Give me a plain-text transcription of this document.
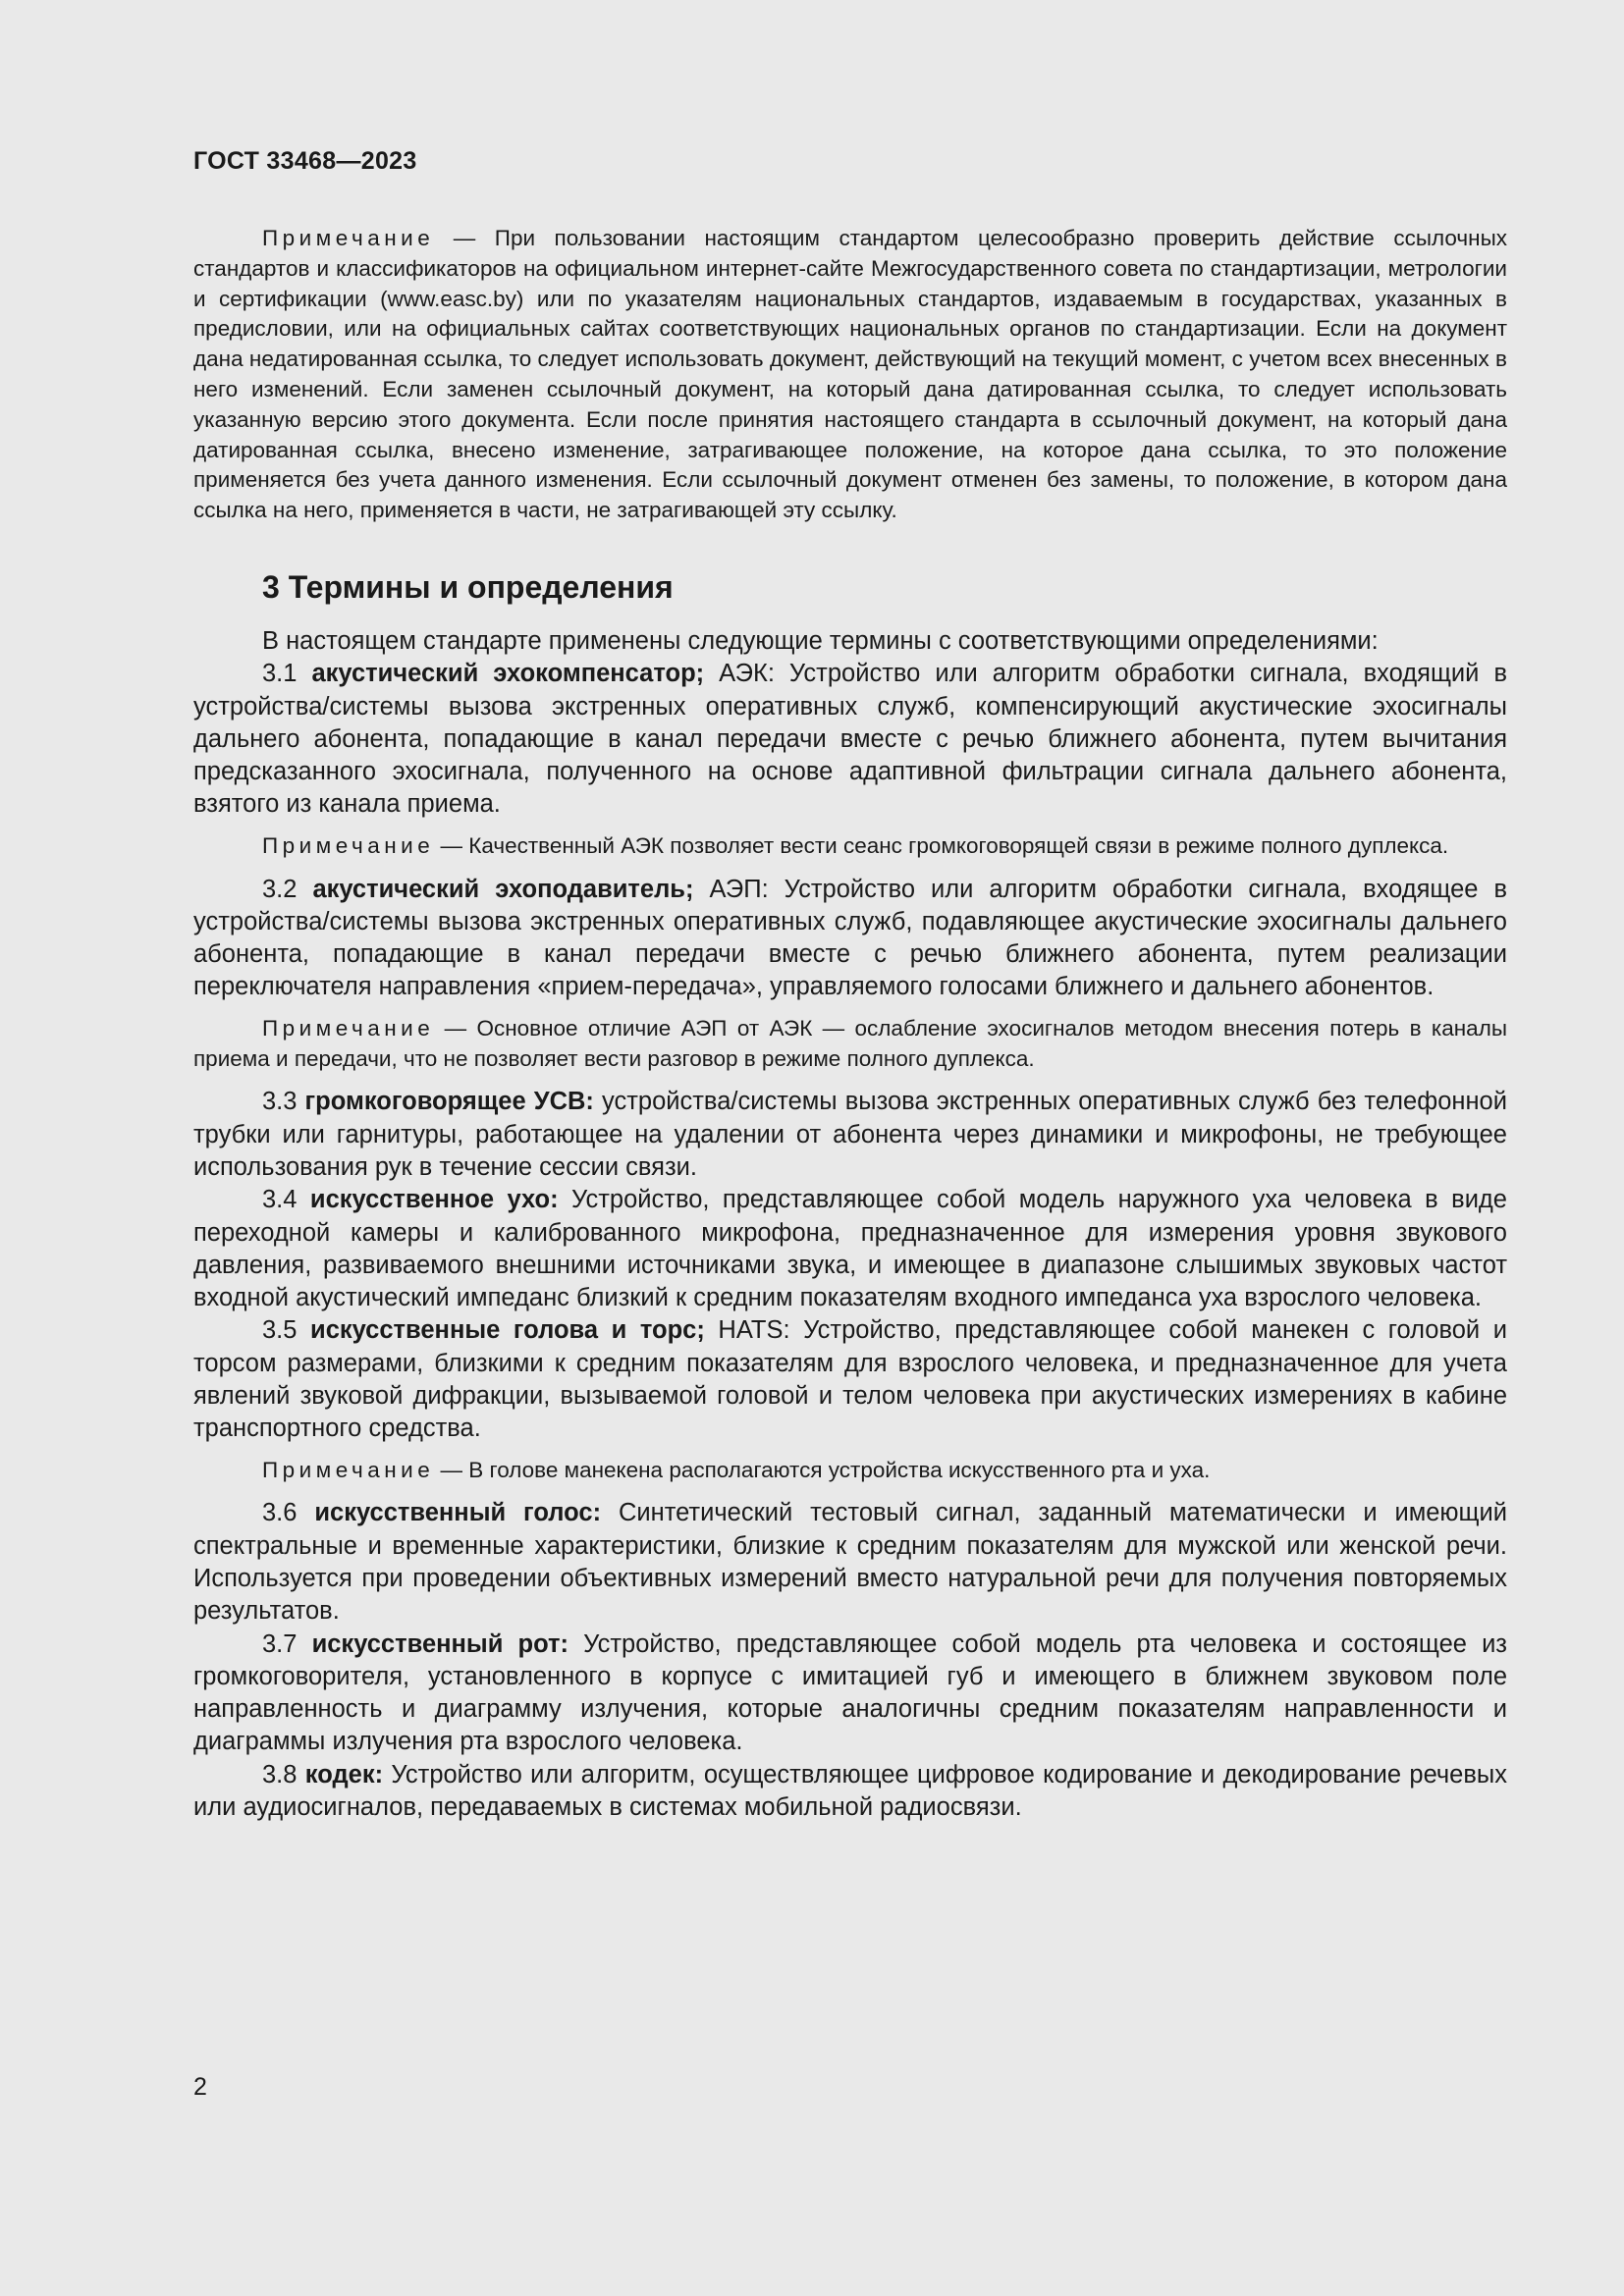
ГОСТ 33468—2023

Примечание — При пользовании настоящим стандартом целесообразно проверить действие ссылочных стандартов и классификаторов на официальном интернет-сайте Межгосударственного совета по стандартизации, метрологии и сертификации (www.easc.by) или по указателям национальных стандартов, издаваемым в государствах, указанных в предисловии, или на официальных сайтах соответствующих национальных органов по стандартизации. Если на документ дана недатированная ссылка, то следует использовать документ, действующий на текущий момент, с учетом всех внесенных в него изменений. Если заменен ссылочный документ, на который дана датированная ссылка, то следует использовать указанную версию этого документа. Если после принятия настоящего стандарта в ссылочный документ, на который дана датированная ссылка, внесено изменение, затрагивающее положение, на которое дана ссылка, то это положение применяется без учета данного изменения. Если ссылочный документ отменен без замены, то положение, в котором дана ссылка на него, применяется в части, не затрагивающей эту ссылку.

3 Термины и определения

В настоящем стандарте применены следующие термины с соответствующими определениями:

3.1 акустический эхокомпенсатор; АЭК: Устройство или алгоритм обработки сигнала, входящий в устройства/системы вызова экстренных оперативных служб, компенсирующий акустические эхосигналы дальнего абонента, попадающие в канал передачи вместе с речью ближнего абонента, путем вычитания предсказанного эхосигнала, полученного на основе адаптивной фильтрации сигнала дальнего абонента, взятого из канала приема.

Примечание — Качественный АЭК позволяет вести сеанс громкоговорящей связи в режиме полного дуплекса.

3.2 акустический эхоподавитель; АЭП: Устройство или алгоритм обработки сигнала, входящее в устройства/системы вызова экстренных оперативных служб, подавляющее акустические эхосигналы дальнего абонента, попадающие в канал передачи вместе с речью ближнего абонента, путем реализации переключателя направления «прием-передача», управляемого голосами ближнего и дальнего абонентов.

Примечание — Основное отличие АЭП от АЭК — ослабление эхосигналов методом внесения потерь в каналы приема и передачи, что не позволяет вести разговор в режиме полного дуплекса.

3.3 громкоговорящее УСВ: устройства/системы вызова экстренных оперативных служб без телефонной трубки или гарнитуры, работающее на удалении от абонента через динамики и микрофоны, не требующее использования рук в течение сессии связи.

3.4 искусственное ухо: Устройство, представляющее собой модель наружного уха человека в виде переходной камеры и калиброванного микрофона, предназначенное для измерения уровня звукового давления, развиваемого внешними источниками звука, и имеющее в диапазоне слышимых звуковых частот входной акустический импеданс близкий к средним показателям входного импеданса уха взрослого человека.

3.5 искусственные голова и торс; HATS: Устройство, представляющее собой манекен с головой и торсом размерами, близкими к средним показателям для взрослого человека, и предназначенное для учета явлений звуковой дифракции, вызываемой головой и телом человека при акустических измерениях в кабине транспортного средства.

Примечание — В голове манекена располагаются устройства искусственного рта и уха.

3.6 искусственный голос: Синтетический тестовый сигнал, заданный математически и имеющий спектральные и временные характеристики, близкие к средним показателям для мужской или женской речи. Используется при проведении объективных измерений вместо натуральной речи для получения повторяемых результатов.

3.7 искусственный рот: Устройство, представляющее собой модель рта человека и состоящее из громкоговорителя, установленного в корпусе с имитацией губ и имеющего в ближнем звуковом поле направленность и диаграмму излучения, которые аналогичны средним показателям направленности и диаграммы излучения рта взрослого человека.

3.8 кодек: Устройство или алгоритм, осуществляющее цифровое кодирование и декодирование речевых или аудиосигналов, передаваемых в системах мобильной радиосвязи.

2
